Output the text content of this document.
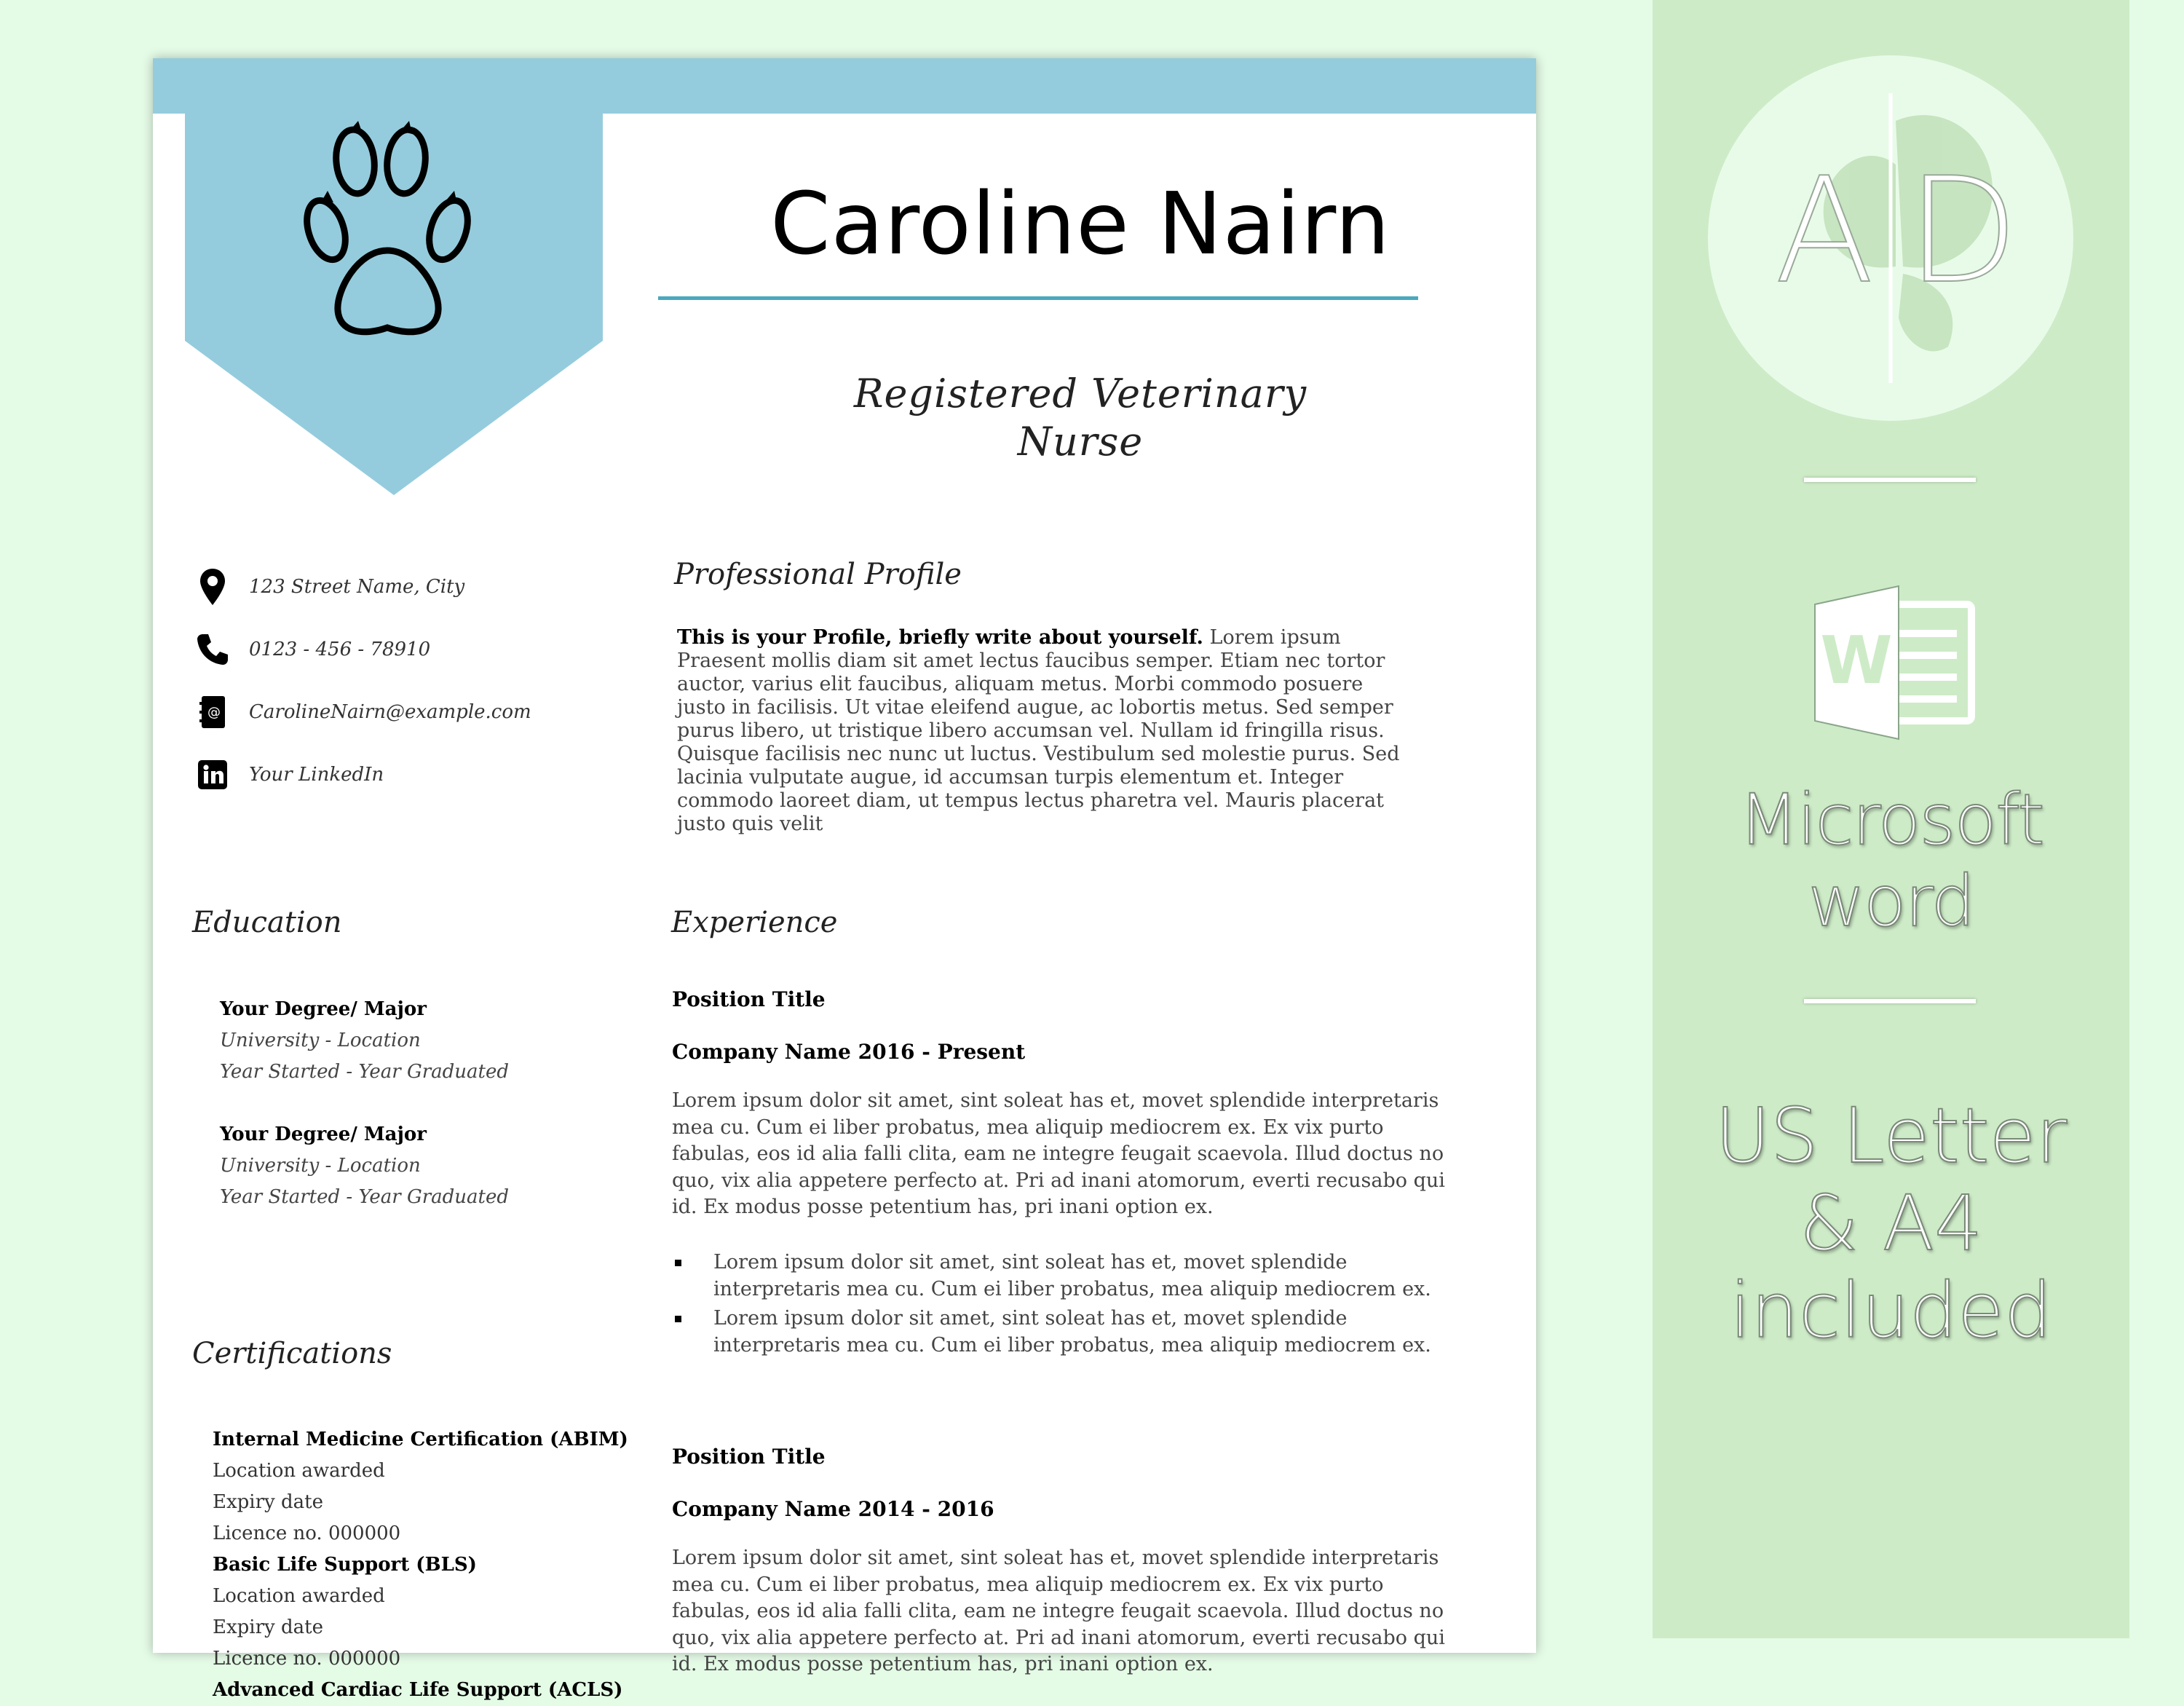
Caroline Nairn
Registered Veterinary
Nurse
123 Street Name, City
0123 - 456 - 78910
@ CarolineNairn@example.com
Your LinkedIn
Professional Profile
Education
Certifications
Experience
This is your Profile, briefly write about yourself. Lorem ipsum Praesent mollis diam sit amet lectus faucibus semper. Etiam nec tortor auctor, varius elit faucibus, aliquam metus. Morbi commodo posuere justo in facilisis. Ut vitae eleifend augue, ac lobortis metus. Sed semper purus libero, ut tristique libero accumsan vel. Nullam id fringilla risus. Quisque facilisis nec nunc ut luctus. Vestibulum sed molestie purus. Sed lacinia vulputate augue, id accumsan turpis elementum et. Integer commodo laoreet diam, ut tempus lectus pharetra vel. Mauris placerat justo quis velit
Your Degree/ Major
University - Location
Year Started - Year Graduated
Your Degree/ Major
University - Location
Year Started - Year Graduated
Internal Medicine Certification (ABIM)
Location awarded
Expiry date
Licence no. 000000
Basic Life Support (BLS)
Location awarded
Expiry date
Licence no. 000000
Advanced Cardiac Life Support (ACLS)
Position Title
Company Name 2016 - Present
Lorem ipsum dolor sit amet, sint soleat has et, movet splendide interpretaris mea cu. Cum ei liber probatus, mea aliquip mediocrem ex. Ex vix purto fabulas, eos id alia falli clita, eam ne integre feugait scaevola. Illud doctus no quo, vix alia appetere perfecto at. Pri ad inani atomorum, everti recusabo qui id. Ex modus posse petentium has, pri inani option ex.
Lorem ipsum dolor sit amet, sint soleat has et, movet splendide interpretaris mea cu. Cum ei liber probatus, mea aliquip mediocrem ex.
Lorem ipsum dolor sit amet, sint soleat has et, movet splendide interpretaris mea cu. Cum ei liber probatus, mea aliquip mediocrem ex.
Position Title
Company Name 2014 - 2016
Lorem ipsum dolor sit amet, sint soleat has et, movet splendide interpretaris mea cu. Cum ei liber probatus, mea aliquip mediocrem ex. Ex vix purto fabulas, eos id alia falli clita, eam ne integre feugait scaevola. Illud doctus no quo, vix alia appetere perfecto at. Pri ad inani atomorum, everti recusabo qui id. Ex modus posse petentium has, pri inani option ex.
A D
W
Microsoft word
US Letter
& A4
included
